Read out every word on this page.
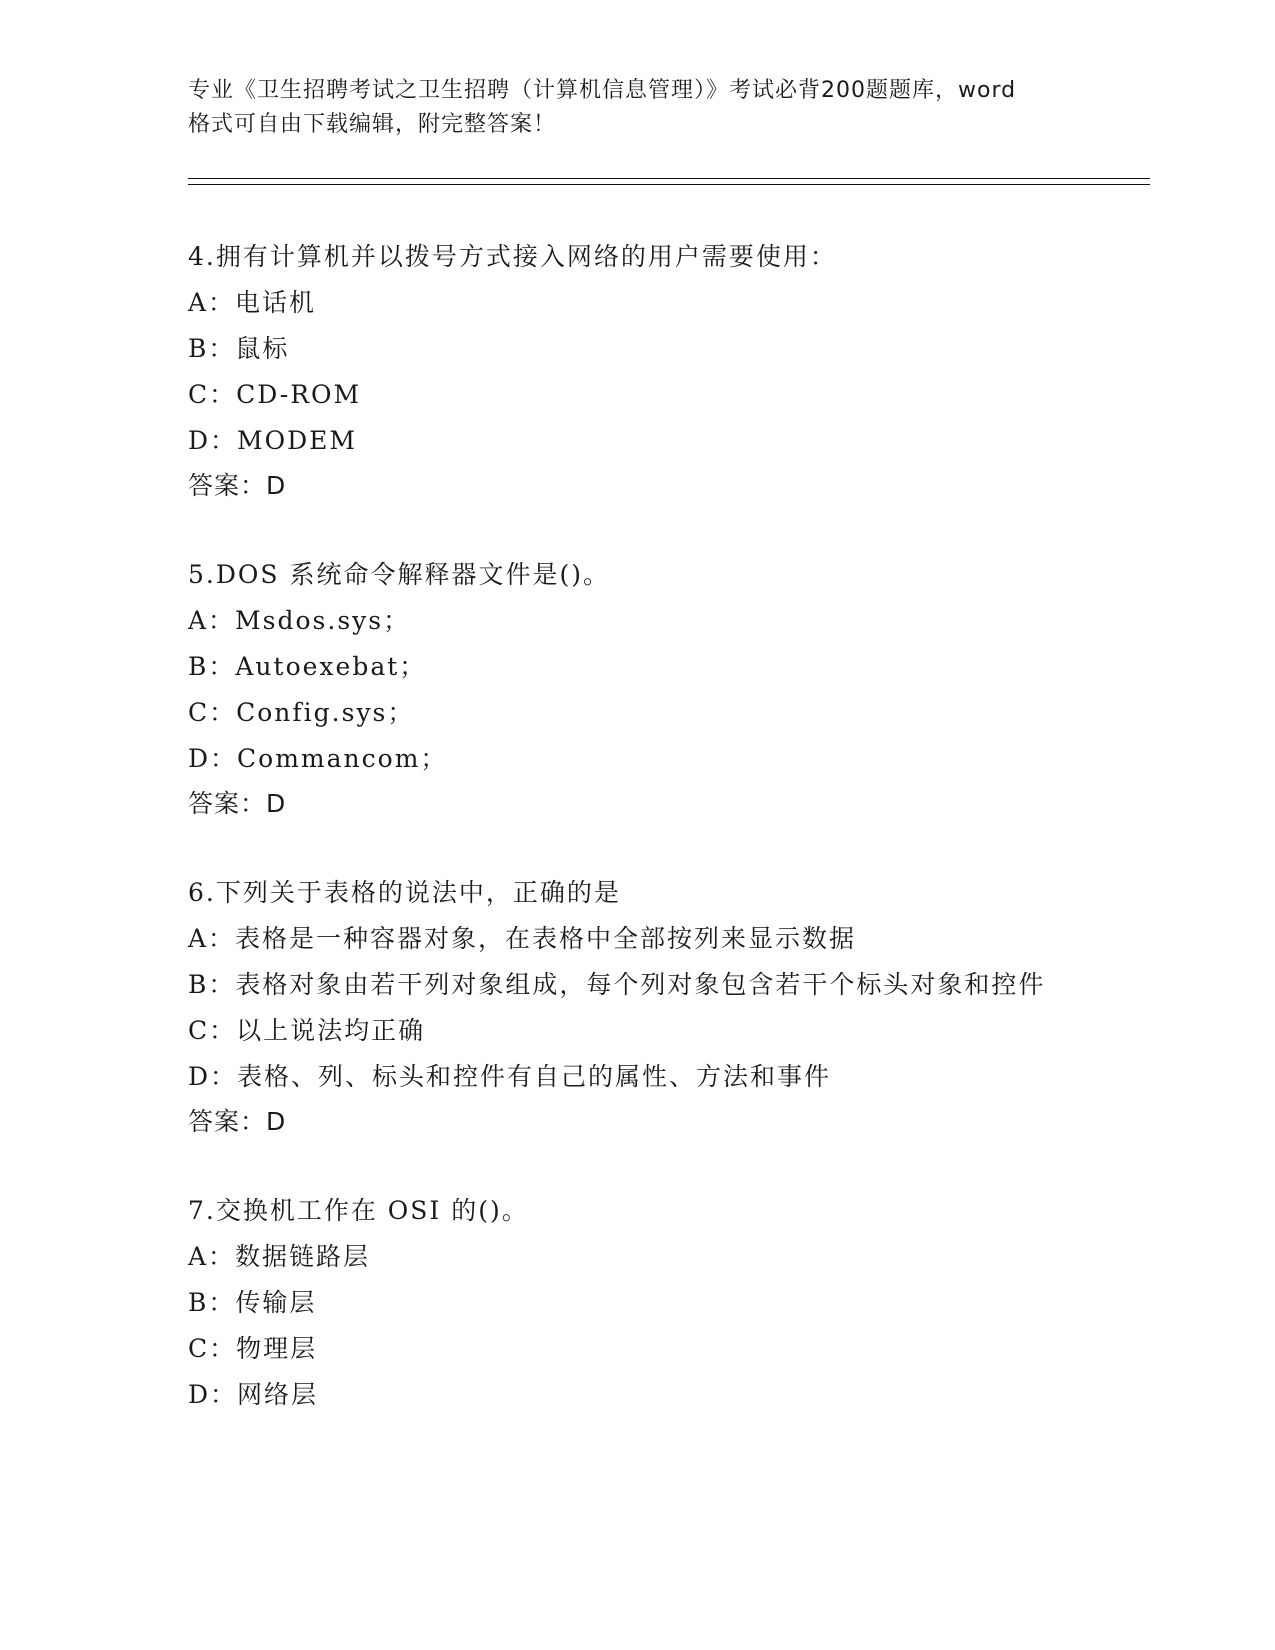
专业《卫生招聘考试之卫生招聘（计算机信息管理）》考试必背200题题库，word
格式可自由下载编辑，附完整答案！
4.拥有计算机并以拨号方式接入网络的用户需要使用：
A：电话机
B：鼠标
C：CD-ROM
D：MODEM
答案：D
5.DOS 系统命令解释器文件是()。
A：Msdos.sys；
B：Autoexebat；
C：Config.sys；
D：Commancom；
答案：D
6.下列关于表格的说法中，正确的是
A：表格是一种容器对象，在表格中全部按列来显示数据
B：表格对象由若干列对象组成，每个列对象包含若干个标头对象和控件
C：以上说法均正确
D：表格、列、标头和控件有自己的属性、方法和事件
答案：D
7.交换机工作在 OSI 的()。
A：数据链路层
B：传输层
C：物理层
D：网络层
